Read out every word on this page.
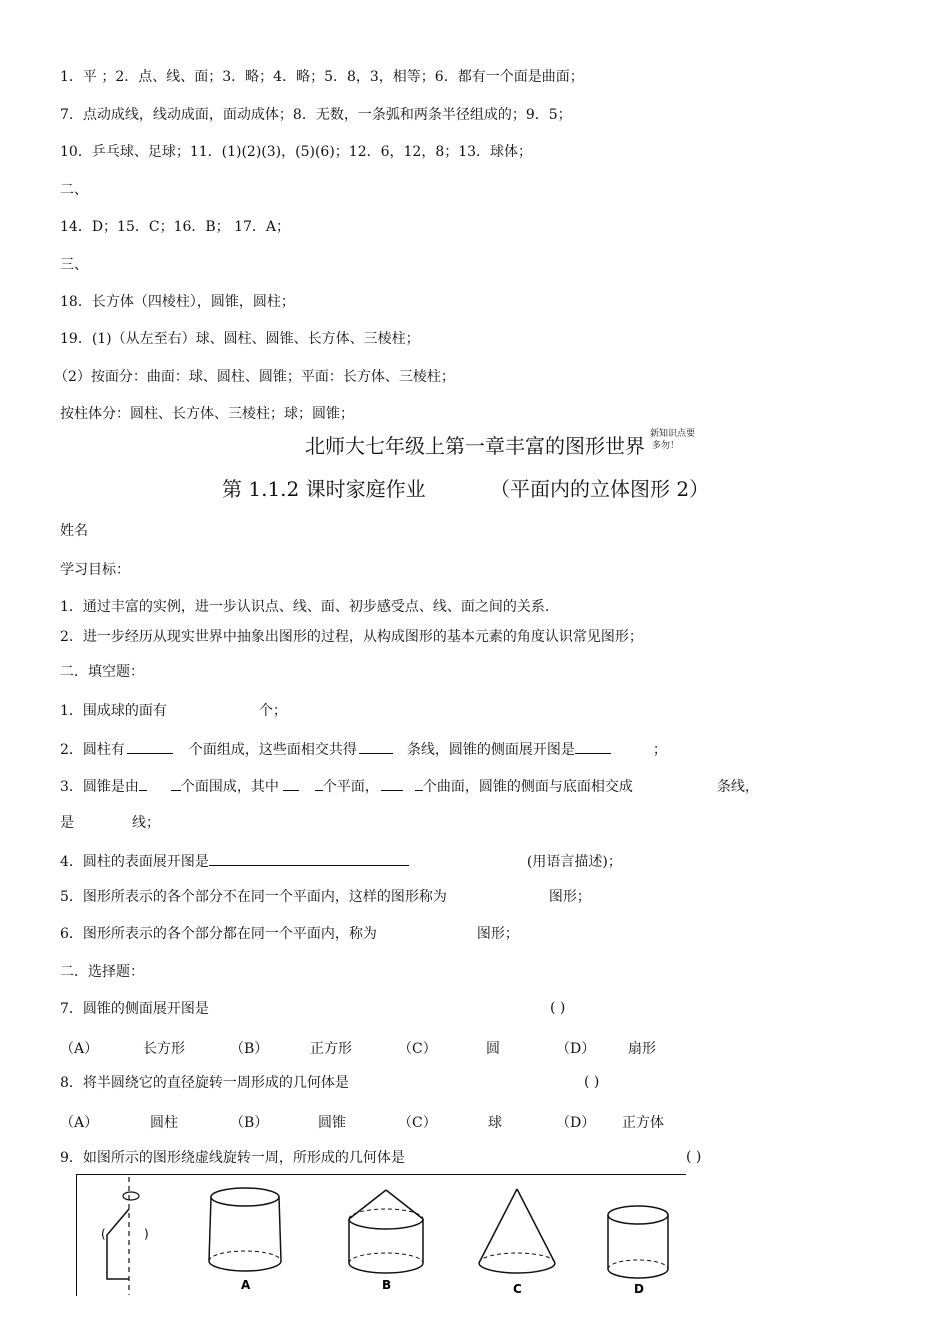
1．平 ；2．点、线、面；3．略；4．略；5．8，3，相等；6．都有一个面是曲面；
7．点动成线，线动成面，面动成体；8．无数，一条弧和两条半径组成的；9．5；
10．乒乓球、足球；11．(1)(2)(3)，(5)(6)；12．6，12，8；13．球体；
二、
14．D；15．C；16．B； 17．A；
三、
18．长方体（四棱柱），圆锥，圆柱；
19．(1)（从左至右）球、圆柱、圆锥、长方体、三棱柱；
（2）按面分：曲面：球、圆柱、圆锥；平面：长方体、三棱柱；
按柱体分：圆柱、长方体、三棱柱；球；圆锥；
北师大七年级上第一章丰富的图形世界 新知识点要
多勿！
第 1.1.2 课时家庭作业	（平面内的立体图形 2）
姓名
学习目标：
1．通过丰富的实例，进一步认识点、线、面、初步感受点、线、面之间的关系.
2．进一步经历从现实世界中抽象出图形的过程，从构成图形的基本元素的角度认识常见图形；
二．填空题：
1．围成球的面有	个；
2．圆柱有	个面组成，这些面相交共得	条线，圆锥的侧面展开图是	；
3．圆锥是由	个面围成，其中	个平面，	个曲面，圆锥的侧面与底面相交成	条线，
是	线；
4．圆柱的表面展开图是	(用语言描述)；
5．图形所表示的各个部分不在同一个平面内，这样的图形称为	图形；
6．图形所表示的各个部分都在同一个平面内，称为	图形；
二．选择题：
7．圆锥的侧面展开图是	( )
（A）	长方形	（B）	正方形	（C）	圆	（D） 扇形
8．将半圆绕它的直径旋转一周形成的几何体是	( )
（A）	圆柱	（B）	圆锥	（C）	球	（D） 正方体
9．如图所示的图形绕虚线旋转一周，所形成的几何体是	( )
(	)
A	B	C	D
